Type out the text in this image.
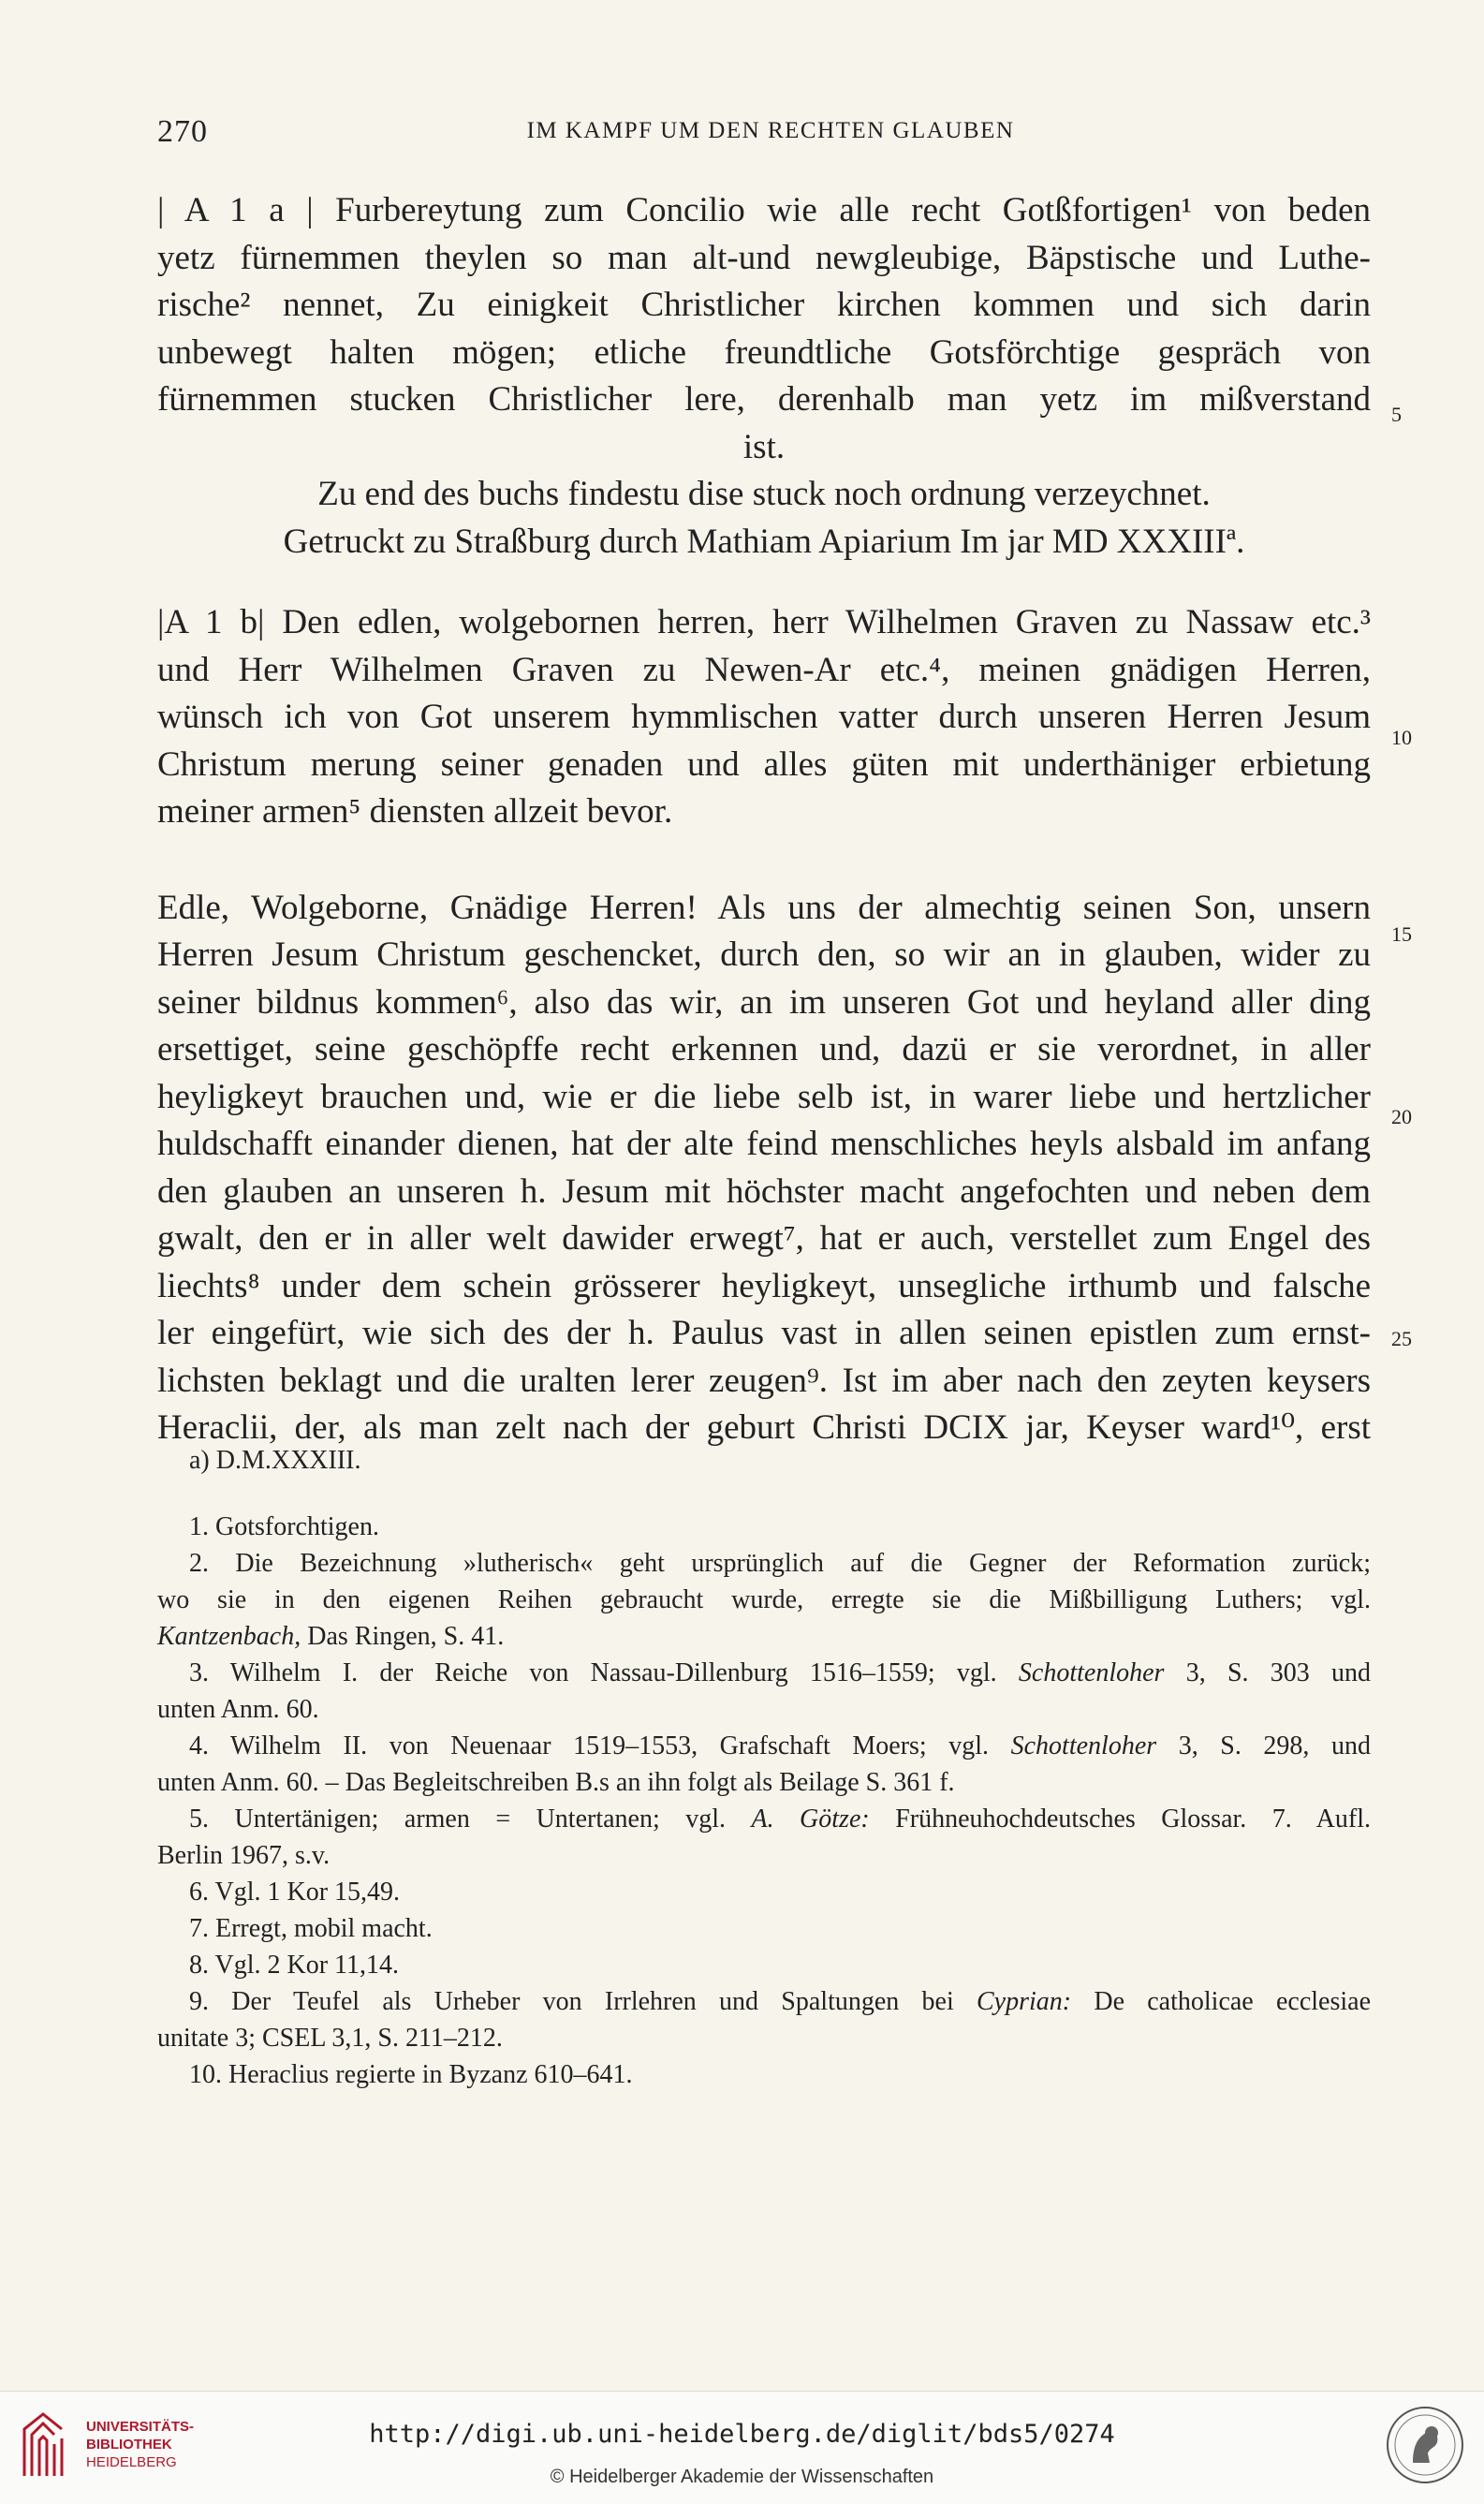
270	IM KAMPF UM DEN RECHTEN GLAUBEN
| A 1 a | Furbereytung zum Concilio wie alle recht Gotßfortigen¹ von beden
yetz fürnemmen theylen so man alt-und newgleubige, Bäpstische und Luthe-
rische² nennet, Zu einigkeit Christlicher kirchen kommen und sich darin
unbewegt halten mögen; etliche freundtliche Gotsförchtige gespräch von
fürnemmen stucken Christlicher lere, derenhalb man yetz im mißverstand
ist.
Zu end des buchs findestu dise stuck noch ordnung verzeychnet.
Getruckt zu Straßburg durch Mathiam Apiarium Im jar MD XXXIIIª.
|A 1 b| Den edlen, wolgebornen herren, herr Wilhelmen Graven zu Nassaw etc.³
und Herr Wilhelmen Graven zu Newen-Ar etc.⁴, meinen gnädigen Herren,
wünsch ich von Got unserem hymmlischen vatter durch unseren Herren Jesum
Christum merung seiner genaden und alles güten mit underthäniger erbietung
meiner armen⁵ diensten allzeit bevor.
Edle, Wolgeborne, Gnädige Herren! Als uns der almechtig seinen Son, unsern
Herren Jesum Christum geschencket, durch den, so wir an in glauben, wider zu
seiner bildnus kommen⁶, also das wir, an im unseren Got und heyland aller ding
ersettiget, seine geschöpffe recht erkennen und, dazü er sie verordnet, in aller
heyligkeyt brauchen und, wie er die liebe selb ist, in warer liebe und hertzlicher
huldschafft einander dienen, hat der alte feind menschliches heyls alsbald im anfang
den glauben an unseren h. Jesum mit höchster macht angefochten und neben dem
gwalt, den er in aller welt dawider erwegt⁷, hat er auch, verstellet zum Engel des
liechts⁸ under dem schein grösserer heyligkeyt, unsegliche irthumb und falsche
ler eingefürt, wie sich des der h. Paulus vast in allen seinen epistlen zum ernst-
lichsten beklagt und die uralten lerer zeugen⁹. Ist im aber nach den zeyten keysers
Heraclii, der, als man zelt nach der geburt Christi DCIX jar, Keyser ward¹⁰, erst
5
10
15
20
25
a) D.M.XXXIII.
1. Gotsforchtigen.
2. Die Bezeichnung »lutherisch« geht ursprünglich auf die Gegner der Reformation zurück;
wo sie in den eigenen Reihen gebraucht wurde, erregte sie die Mißbilligung Luthers; vgl.
Kantzenbach, Das Ringen, S. 41.
3. Wilhelm I. der Reiche von Nassau-Dillenburg 1516–1559; vgl. Schottenloher 3, S. 303 und
unten Anm. 60.
4. Wilhelm II. von Neuenaar 1519–1553, Grafschaft Moers; vgl. Schottenloher 3, S. 298, und
unten Anm. 60. – Das Begleitschreiben B.s an ihn folgt als Beilage S. 361 f.
5. Untertänigen; armen = Untertanen; vgl. A. Götze: Frühneuhochdeutsches Glossar. 7. Aufl.
Berlin 1967, s.v.
6. Vgl. 1 Kor 15,49.
7. Erregt, mobil macht.
8. Vgl. 2 Kor 11,14.
9. Der Teufel als Urheber von Irrlehren und Spaltungen bei Cyprian: De catholicae ecclesiae
unitate 3; CSEL 3,1, S. 211–212.
10. Heraclius regierte in Byzanz 610–641.
UNIVERSITÄTS-
BIBLIOTHEK
HEIDELBERG
http://digi.ub.uni-heidelberg.de/diglit/bds5/0274
© Heidelberger Akademie der Wissenschaften
